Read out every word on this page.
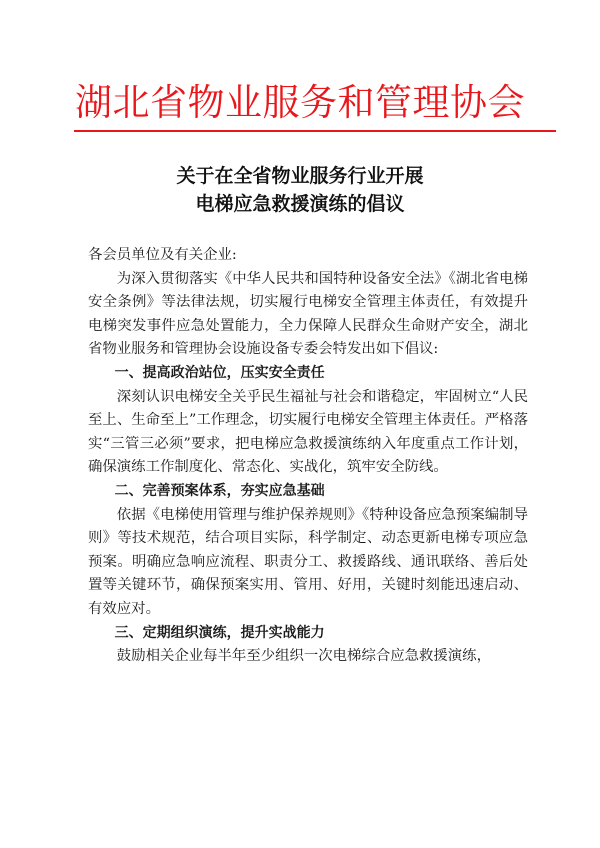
湖北省物业服务和管理协会
关于在全省物业服务行业开展
电梯应急救援演练的倡议

各会员单位及有关企业:

为深入贯彻落实《中华人民共和国特种设备安全法》《湖北省电梯安全条例》等法律法规，切实履行电梯安全管理主体责任，有效提升电梯突发事件应急处置能力，全力保障人民群众生命财产安全，湖北省物业服务和管理协会设施设备专委会特发出如下倡议:

一、提高政治站位，压实安全责任

深刻认识电梯安全关乎民生福祉与社会和谐稳定，牢固树立“人民至上、生命至上”工作理念，切实履行电梯安全管理主体责任。严格落实“三管三必须”要求，把电梯应急救援演练纳入年度重点工作计划，确保演练工作制度化、常态化、实战化，筑牢安全防线。

二、完善预案体系，夯实应急基础

依据《电梯使用管理与维护保养规则》《特种设备应急预案编制导则》等技术规范，结合项目实际，科学制定、动态更新电梯专项应急预案。明确应急响应流程、职责分工、救援路线、通讯联络、善后处置等关键环节，确保预案实用、管用、好用，关键时刻能迅速启动、有效应对。

三、定期组织演练，提升实战能力

鼓励相关企业每半年至少组织一次电梯综合应急救援演练，
